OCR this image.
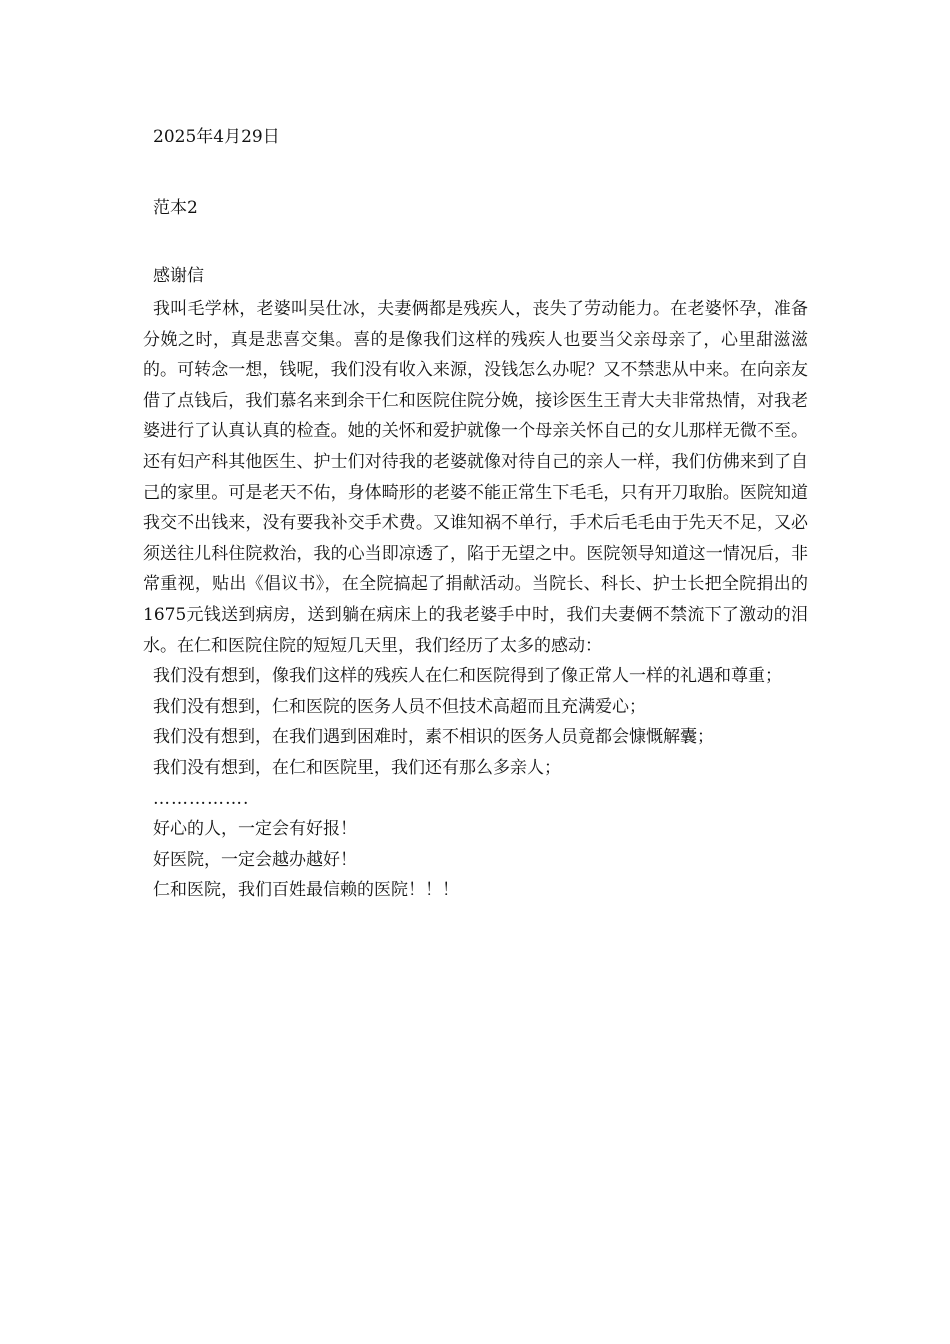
2025年4月29日
范本2
感谢信

我叫毛学林，老婆叫吴仕冰，夫妻俩都是残疾人，丧失了劳动能力。在老婆怀孕，准备分娩之时，真是悲喜交集。喜的是像我们这样的残疾人也要当父亲母亲了，心里甜滋滋的。可转念一想，钱呢，我们没有收入来源，没钱怎么办呢？又不禁悲从中来。在向亲友借了点钱后，我们慕名来到余干仁和医院住院分娩，接诊医生王青大夫非常热情，对我老婆进行了认真认真的检查。她的关怀和爱护就像一个母亲关怀自己的女儿那样无微不至。还有妇产科其他医生、护士们对待我的老婆就像对待自己的亲人一样，我们仿佛来到了自己的家里。可是老天不佑，身体畸形的老婆不能正常生下毛毛，只有开刀取胎。医院知道我交不出钱来，没有要我补交手术费。又谁知祸不单行，手术后毛毛由于先天不足，又必须送往儿科住院救治，我的心当即凉透了，陷于无望之中。医院领导知道这一情况后，非常重视，贴出《倡议书》，在全院搞起了捐献活动。当院长、科长、护士长把全院捐出的1675元钱送到病房，送到躺在病床上的我老婆手中时，我们夫妻俩不禁流下了激动的泪水。在仁和医院住院的短短几天里，我们经历了太多的感动：

我们没有想到，像我们这样的残疾人在仁和医院得到了像正常人一样的礼遇和尊重；

我们没有想到，仁和医院的医务人员不但技术高超而且充满爱心；

我们没有想到，在我们遇到困难时，素不相识的医务人员竟都会慷慨解囊；

我们没有想到，在仁和医院里，我们还有那么多亲人；

…………….

好心的人，一定会有好报！

好医院，一定会越办越好！

仁和医院，我们百姓最信赖的医院！！！
